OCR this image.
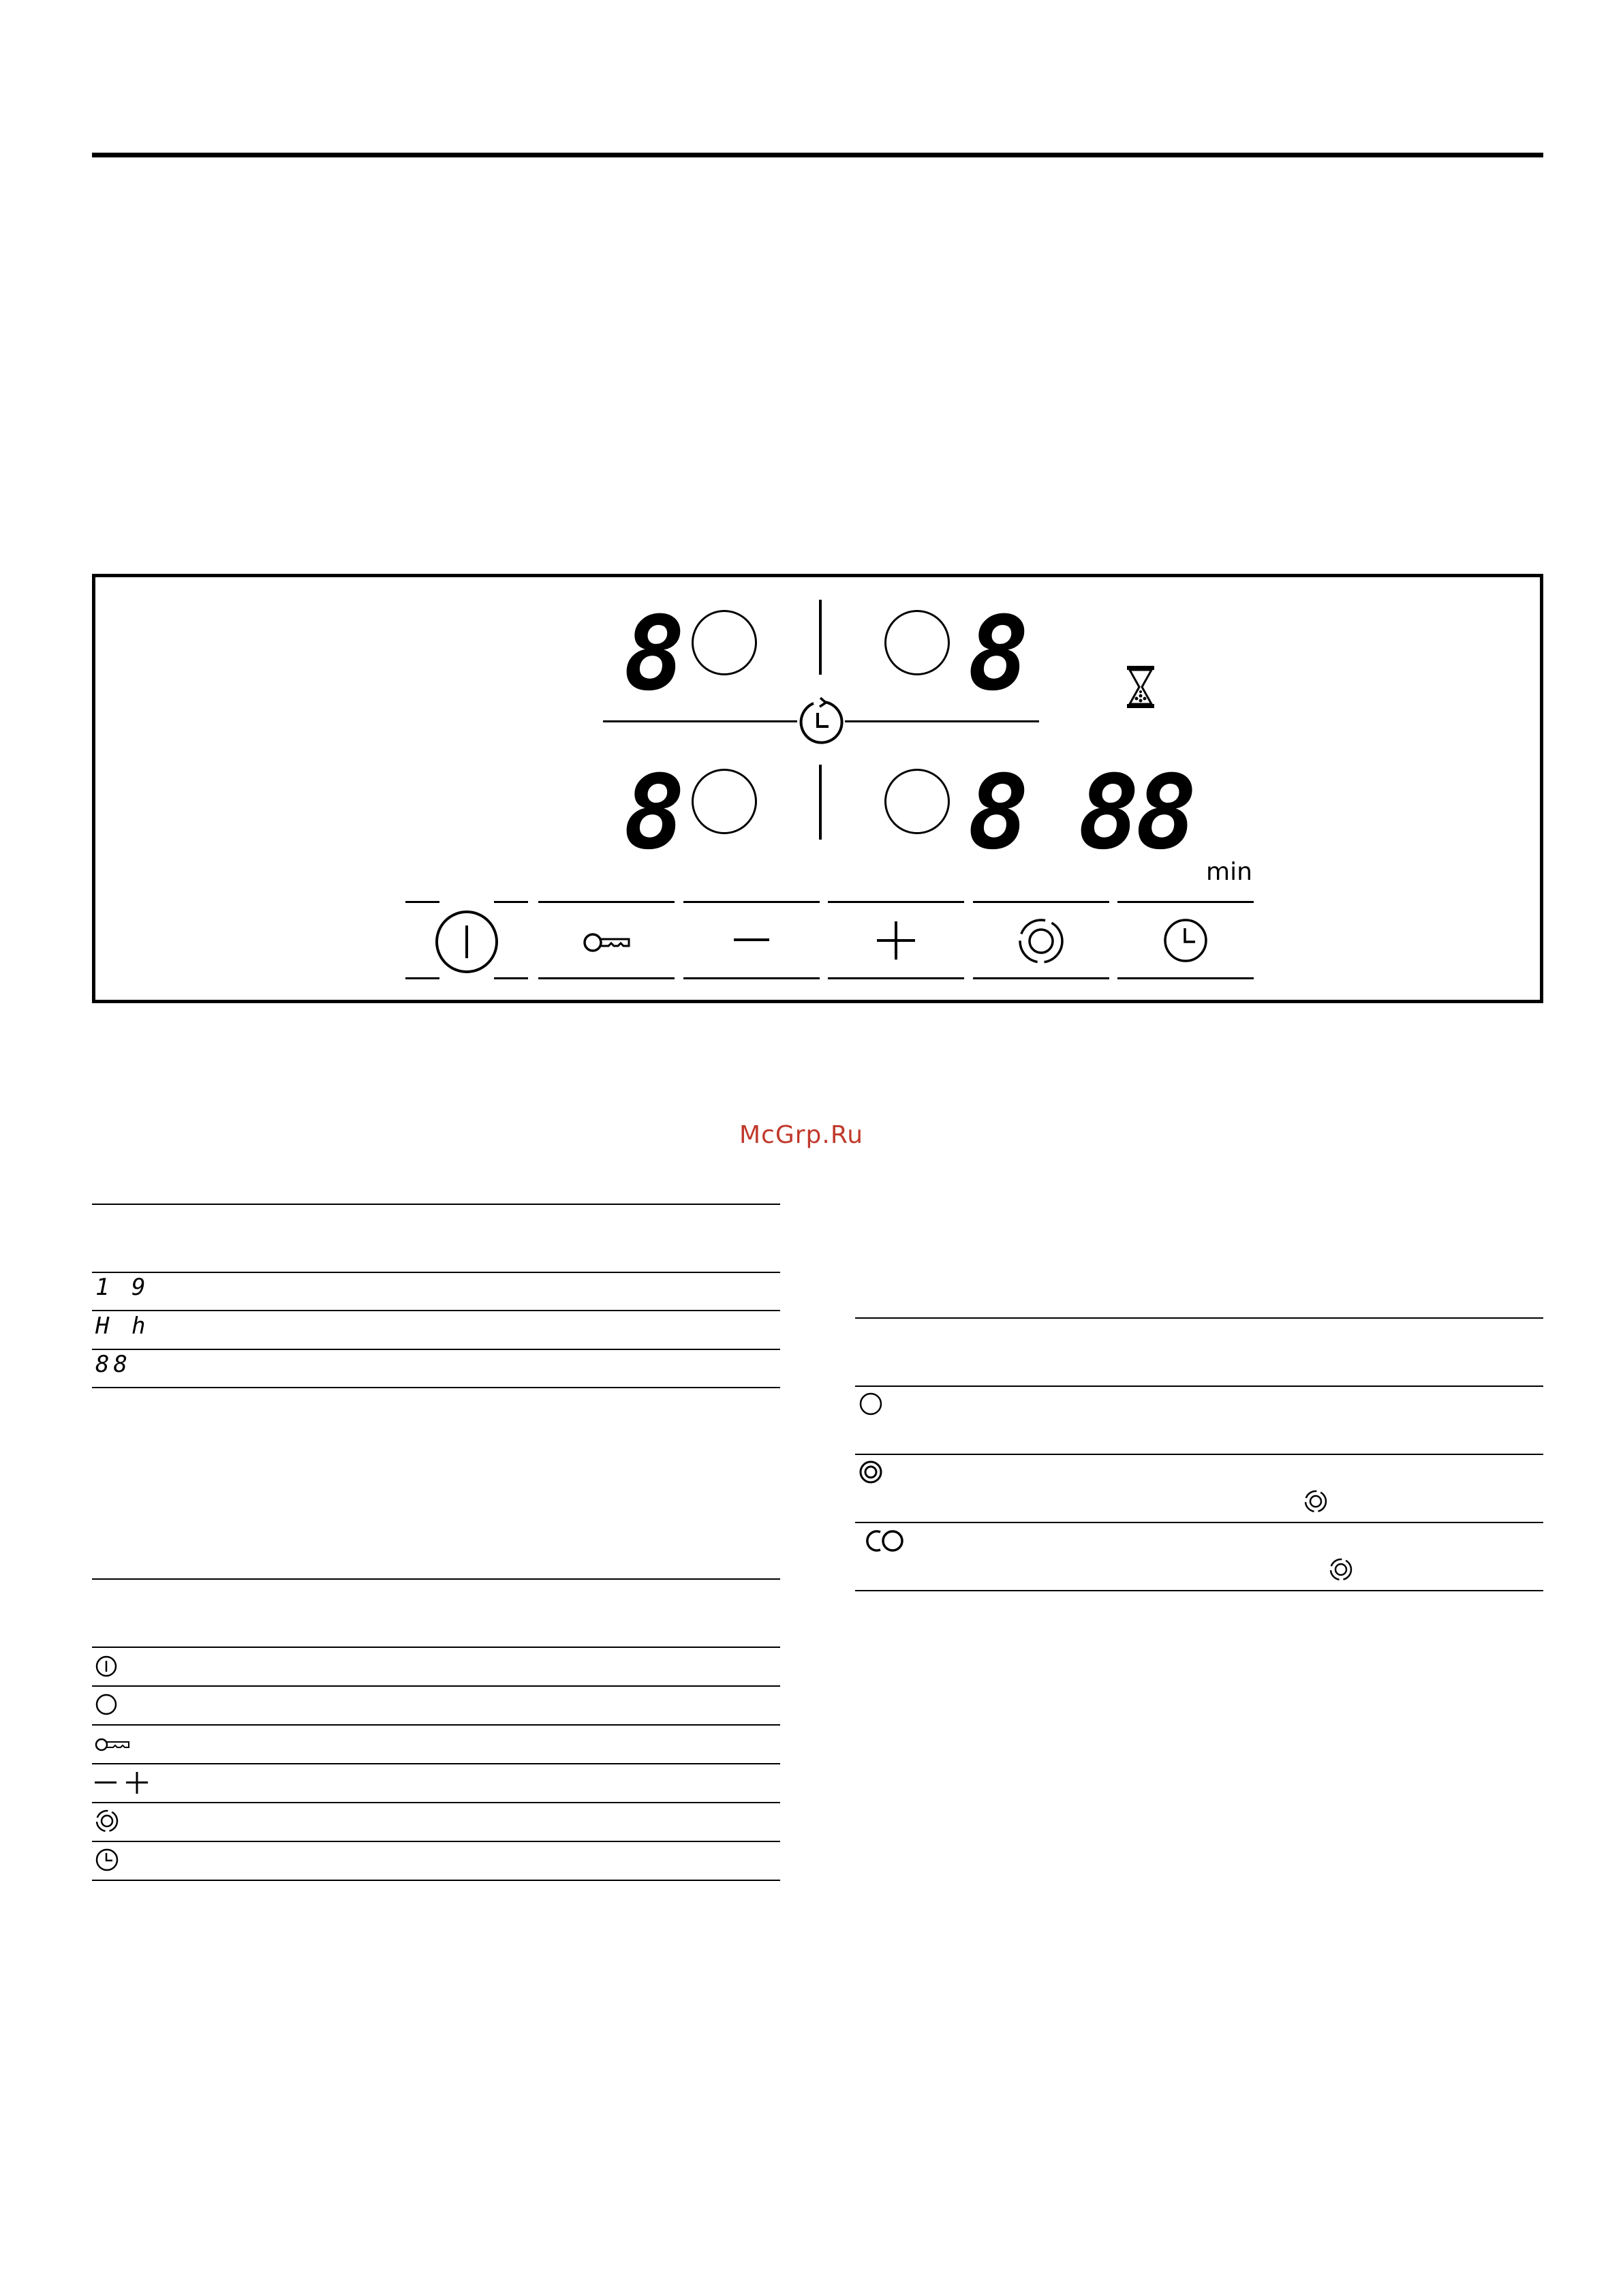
8	8
8	8 88 min
McGrp.Ru
1 9
H h
88
